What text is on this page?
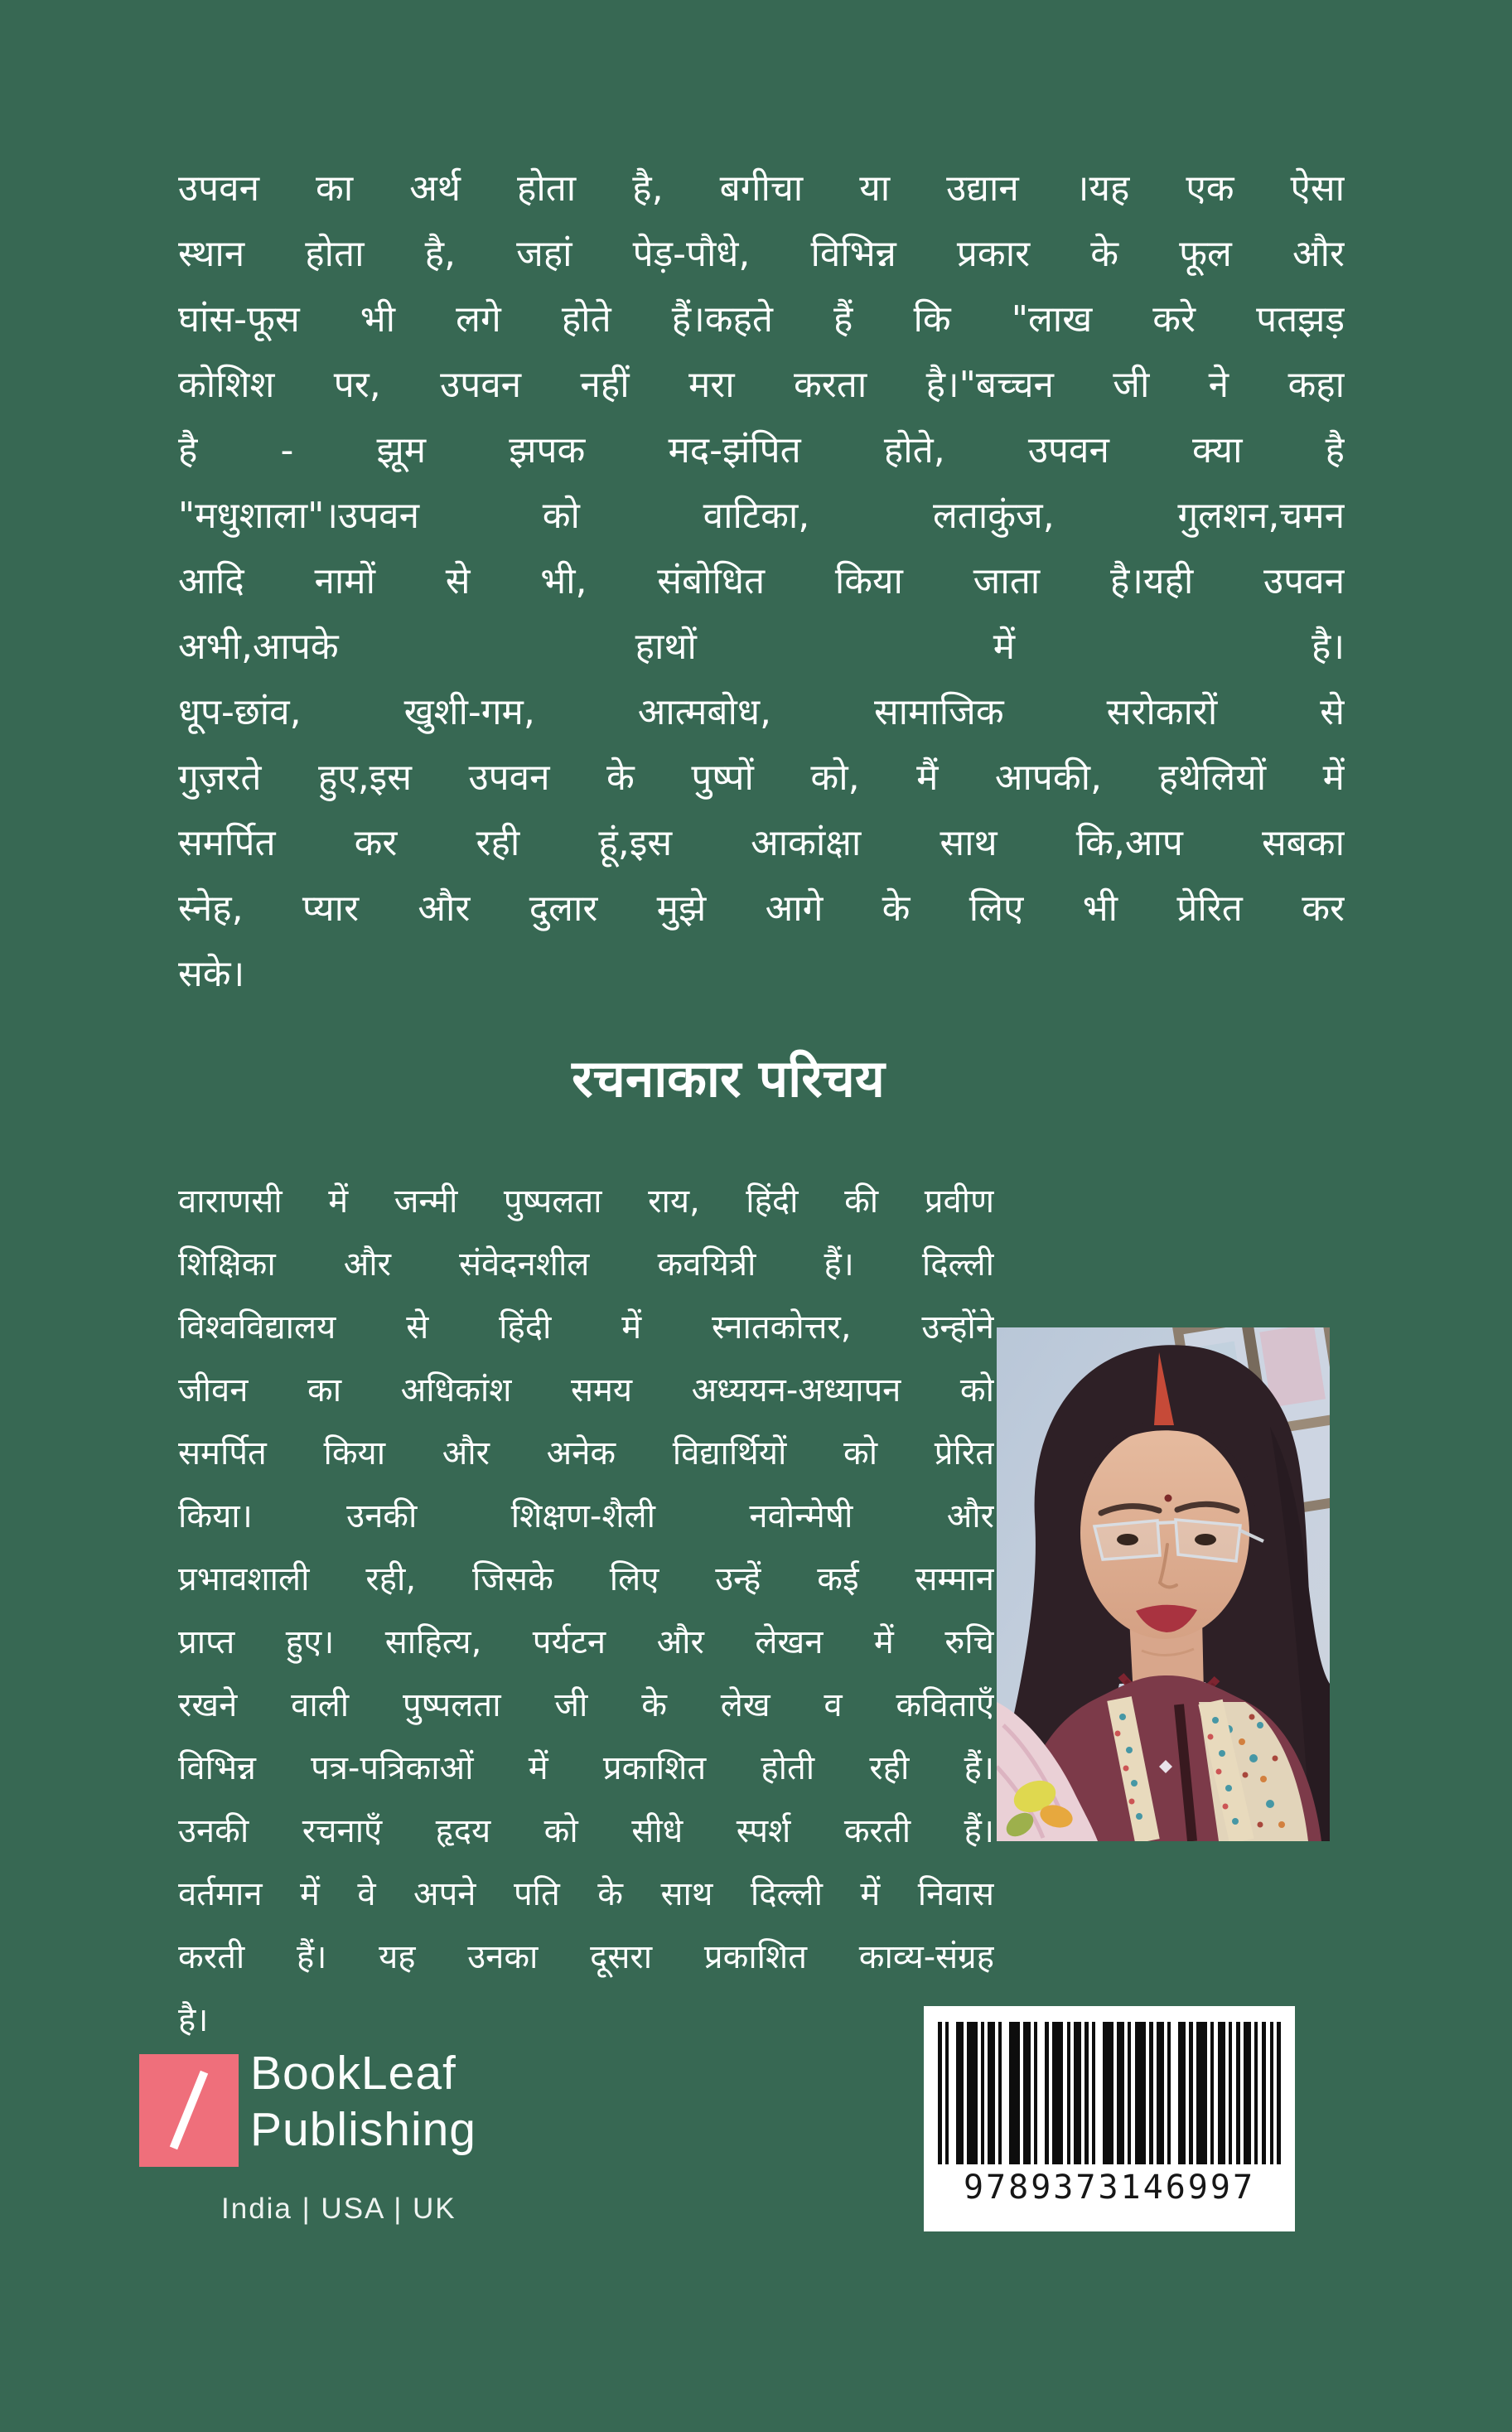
उपवन का अर्थ होता है, बगीचा या उद्यान ।यह एक ऐसा
स्थान होता है, जहां पेड़-पौधे, विभिन्न प्रकार के फूल और
घांस-फूस भी लगे होते हैं।कहते हैं कि "लाख करे पतझड़
कोशिश पर, उपवन नहीं मरा करता है।"बच्चन जी ने कहा
है - झूम झपक मद-झंपित होते, उपवन क्या है
"मधुशाला"।उपवन को वाटिका, लताकुंज, गुलशन,चमन
आदि नामों से भी, संबोधित किया जाता है।यही उपवन
अभी,आपके हाथों में है।
धूप-छांव, खुशी-गम, आत्मबोध, सामाजिक सरोकारों से
गुज़रते हुए,इस उपवन के पुष्पों को, मैं आपकी, हथेलियों में
समर्पित कर रही हूं,इस आकांक्षा साथ कि,आप सबका
स्नेह, प्यार और दुलार मुझे आगे के लिए भी प्रेरित कर
सके।
रचनाकार परिचय
वाराणसी में जन्मी पुष्पलता राय, हिंदी की प्रवीण
शिक्षिका और संवेदनशील कवयित्री हैं। दिल्ली
विश्वविद्यालय से हिंदी में स्नातकोत्तर, उन्होंने
जीवन का अधिकांश समय अध्ययन-अध्यापन को
समर्पित किया और अनेक विद्यार्थियों को प्रेरित
किया। उनकी शिक्षण-शैली नवोन्मेषी और
प्रभावशाली रही, जिसके लिए उन्हें कई सम्मान
प्राप्त हुए। साहित्य, पर्यटन और लेखन में रुचि
रखने वाली पुष्पलता जी के लेख व कविताएँ
विभिन्न पत्र-पत्रिकाओं में प्रकाशित होती रही हैं।
उनकी रचनाएँ हृदय को सीधे स्पर्श करती हैं।
वर्तमान में वे अपने पति के साथ दिल्ली में निवास
करती हैं। यह उनका दूसरा प्रकाशित काव्य-संग्रह
है।
BookLeaf
Publishing
India | USA | UK
9789373146997
